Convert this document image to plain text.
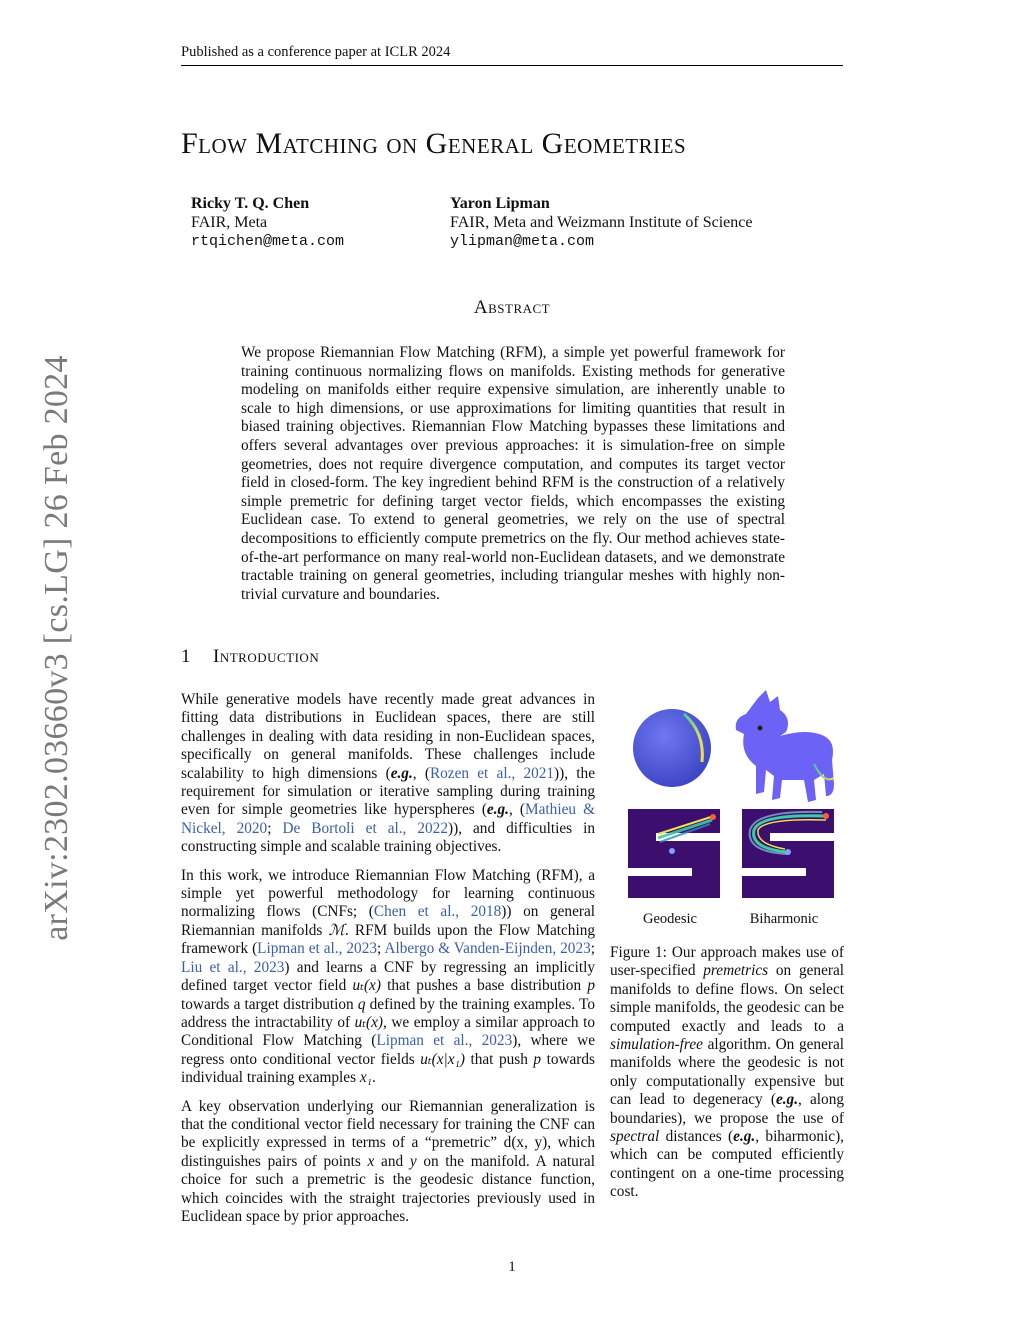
Published as a conference paper at ICLR 2024
arXiv:2302.03660v3 [cs.LG] 26 Feb 2024
Flow Matching on General Geometries
Ricky T. Q. Chen
FAIR, Meta
rtqichen@meta.com
Yaron Lipman
FAIR, Meta and Weizmann Institute of Science
ylipman@meta.com
Abstract
We propose Riemannian Flow Matching (RFM), a simple yet powerful framework for training continuous normalizing flows on manifolds. Existing methods for generative modeling on manifolds either require expensive simulation, are inherently unable to scale to high dimensions, or use approximations for limiting quantities that result in biased training objectives. Riemannian Flow Matching bypasses these limitations and offers several advantages over previous approaches: it is simulation-free on simple geometries, does not require divergence computation, and computes its target vector field in closed-form. The key ingredient behind RFM is the construction of a relatively simple premetric for defining target vector fields, which encompasses the existing Euclidean case. To extend to general geometries, we rely on the use of spectral decompositions to efficiently compute premetrics on the fly. Our method achieves state-of-the-art performance on many real-world non-Euclidean datasets, and we demonstrate tractable training on general geometries, including triangular meshes with highly non-trivial curvature and boundaries.
1 Introduction

While generative models have recently made great advances in fitting data distributions in Euclidean spaces, there are still challenges in dealing with data residing in non-Euclidean spaces, specifically on general manifolds. These challenges include scalability to high dimensions (e.g., (Rozen et al., 2021)), the requirement for simulation or iterative sampling during training even for simple geometries like hyperspheres (e.g., (Mathieu & Nickel, 2020; De Bortoli et al., 2022)), and difficulties in constructing simple and scalable training objectives.

In this work, we introduce Riemannian Flow Matching (RFM), a simple yet powerful methodology for learning continuous normalizing flows (CNFs; (Chen et al., 2018)) on general Riemannian manifolds ℳ. RFM builds upon the Flow Matching framework (Lipman et al., 2023; Albergo & Vanden-Eijnden, 2023; Liu et al., 2023) and learns a CNF by regressing an implicitly defined target vector field uₜ(x) that pushes a base distribution p towards a target distribution q defined by the training examples. To address the intractability of uₜ(x), we employ a similar approach to Conditional Flow Matching (Lipman et al., 2023), where we regress onto conditional vector fields uₜ(x|x₁) that push p towards individual training examples x₁.

A key observation underlying our Riemannian generalization is that the conditional vector field necessary for training the CNF can be explicitly expressed in terms of a “premetric” d(x, y), which distinguishes pairs of points x and y on the manifold. A natural choice for such a premetric is the geodesic distance function, which coincides with the straight trajectories previously used in Euclidean space by prior approaches.

Geodesic	Biharmonic
Figure 1: Our approach makes use of user-specified premetrics on general manifolds to define flows. On select simple manifolds, the geodesic can be computed exactly and leads to a simulation-free algorithm. On general manifolds where the geodesic is not only computationally expensive but can lead to degeneracy (e.g., along boundaries), we propose the use of spectral distances (e.g., biharmonic), which can be computed efficiently contingent on a one-time processing cost.
1
